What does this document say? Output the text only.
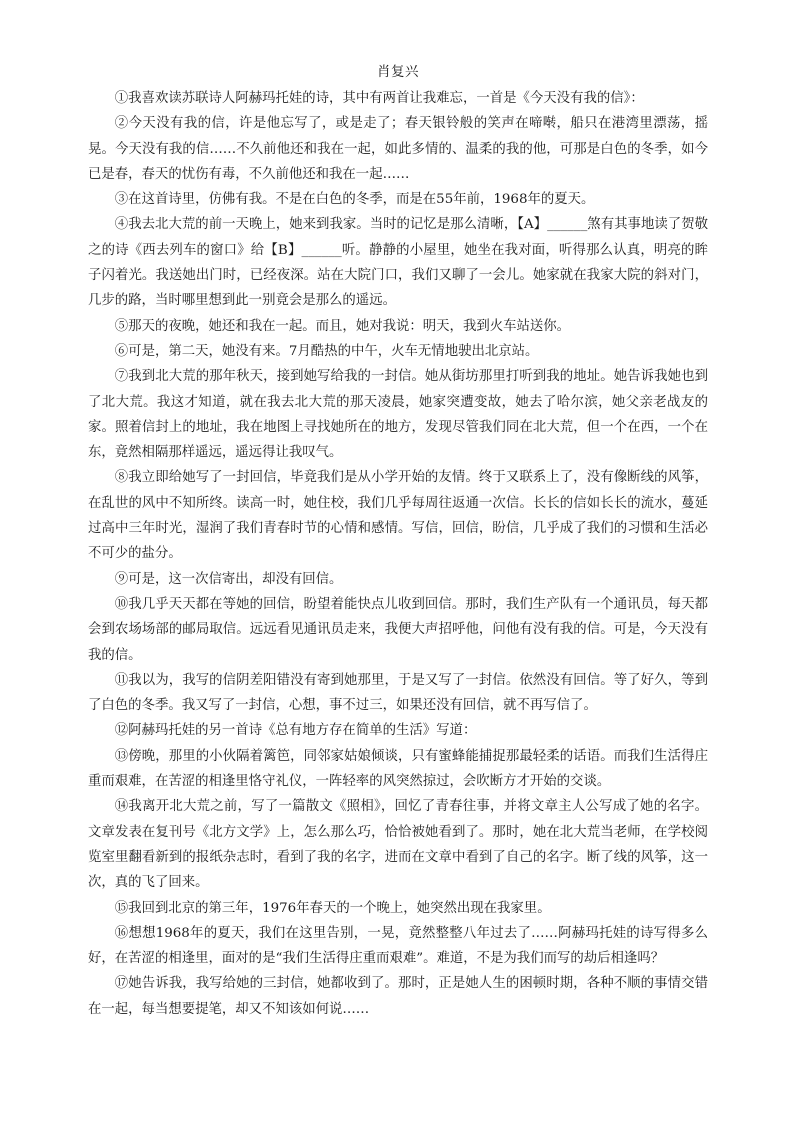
肖复兴

①我喜欢读苏联诗人阿赫玛托娃的诗，其中有两首让我难忘，一首是《今天没有我的信》：

②今天没有我的信，许是他忘写了，或是走了；春天银铃般的笑声在啼啭，船只在港湾里漂荡，摇晃。今天没有我的信……不久前他还和我在一起，如此多情的、温柔的我的他，可那是白色的冬季，如今已是春，春天的忧伤有毒，不久前他还和我在一起……

③在这首诗里，仿佛有我。不是在白色的冬季，而是在55年前，1968年的夏天。

④我去北大荒的前一天晚上，她来到我家。当时的记忆是那么清晰，【A】______煞有其事地读了贺敬之的诗《西去列车的窗口》给【B】______听。静静的小屋里，她坐在我对面，听得那么认真，明亮的眸子闪着光。我送她出门时，已经夜深。站在大院门口，我们又聊了一会儿。她家就在我家大院的斜对门，几步的路，当时哪里想到此一别竟会是那么的遥远。

⑤那天的夜晚，她还和我在一起。而且，她对我说：明天，我到火车站送你。

⑥可是，第二天，她没有来。7月酷热的中午，火车无情地驶出北京站。

⑦我到北大荒的那年秋天，接到她写给我的一封信。她从街坊那里打听到我的地址。她告诉我她也到了北大荒。我这才知道，就在我去北大荒的那天凌晨，她家突遭变故，她去了哈尔滨，她父亲老战友的家。照着信封上的地址，我在地图上寻找她所在的地方，发现尽管我们同在北大荒，但一个在西，一个在东，竟然相隔那样遥远，遥远得让我叹气。

⑧我立即给她写了一封回信，毕竟我们是从小学开始的友情。终于又联系上了，没有像断线的风筝，在乱世的风中不知所终。读高一时，她住校，我们几乎每周往返通一次信。长长的信如长长的流水，蔓延过高中三年时光，湿润了我们青春时节的心情和感情。写信，回信，盼信，几乎成了我们的习惯和生活必不可少的盐分。

⑨可是，这一次信寄出，却没有回信。

⑩我几乎天天都在等她的回信，盼望着能快点儿收到回信。那时，我们生产队有一个通讯员，每天都会到农场场部的邮局取信。远远看见通讯员走来，我便大声招呼他，问他有没有我的信。可是，今天没有我的信。

⑪我以为，我写的信阴差阳错没有寄到她那里，于是又写了一封信。依然没有回信。等了好久，等到了白色的冬季。我又写了一封信，心想，事不过三，如果还没有回信，就不再写信了。

⑫阿赫玛托娃的另一首诗《总有地方存在简单的生活》写道：

⑬傍晚，那里的小伙隔着篱笆，同邻家姑娘倾谈，只有蜜蜂能捕捉那最轻柔的话语。而我们生活得庄重而艰难，在苦涩的相逢里恪守礼仪，一阵轻率的风突然掠过，会吹断方才开始的交谈。

⑭我离开北大荒之前，写了一篇散文《照相》，回忆了青春往事，并将文章主人公写成了她的名字。文章发表在复刊号《北方文学》上，怎么那么巧，恰恰被她看到了。那时，她在北大荒当老师，在学校阅览室里翻看新到的报纸杂志时，看到了我的名字，进而在文章中看到了自己的名字。断了线的风筝，这一次，真的飞了回来。

⑮我回到北京的第三年，1976年春天的一个晚上，她突然出现在我家里。

⑯想想1968年的夏天，我们在这里告别，一晃，竟然整整八年过去了……阿赫玛托娃的诗写得多么好，在苦涩的相逢里，面对的是“我们生活得庄重而艰难”。难道，不是为我们而写的劫后相逢吗？

⑰她告诉我，我写给她的三封信，她都收到了。那时，正是她人生的困顿时期，各种不顺的事情交错在一起，每当想要提笔，却又不知该如何说……
